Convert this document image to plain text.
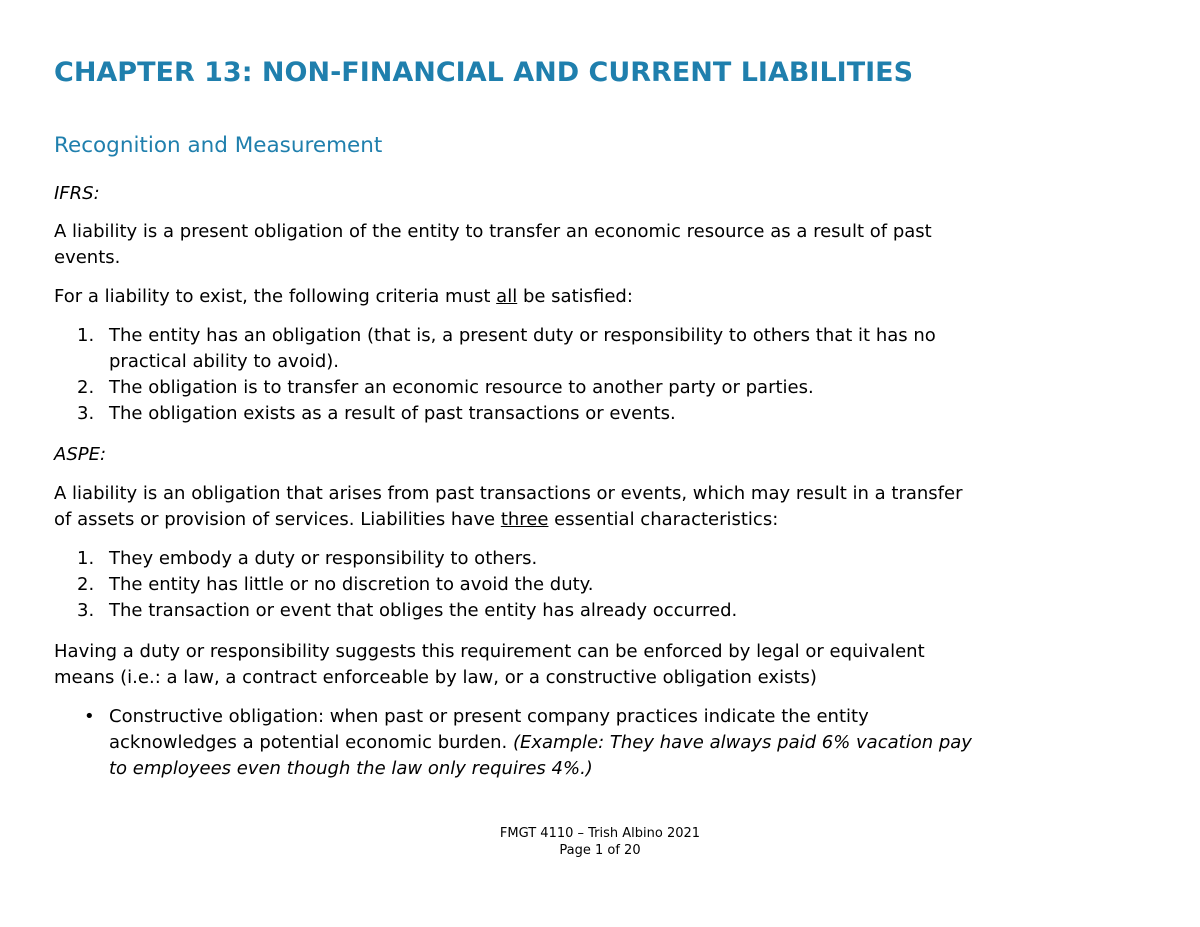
CHAPTER 13: NON-FINANCIAL AND CURRENT LIABILITIES
Recognition and Measurement

IFRS:

A liability is a present obligation of the entity to transfer an economic resource as a result of past
events.

For a liability to exist, the following criteria must all be satisfied:

1. The entity has an obligation (that is, a present duty or responsibility to others that it has no
practical ability to avoid).
2. The obligation is to transfer an economic resource to another party or parties.
3. The obligation exists as a result of past transactions or events.

ASPE:

A liability is an obligation that arises from past transactions or events, which may result in a transfer
of assets or provision of services. Liabilities have three essential characteristics:

1. They embody a duty or responsibility to others.
2. The entity has little or no discretion to avoid the duty.
3. The transaction or event that obliges the entity has already occurred.

Having a duty or responsibility suggests this requirement can be enforced by legal or equivalent
means (i.e.: a law, a contract enforceable by law, or a constructive obligation exists)

• Constructive obligation: when past or present company practices indicate the entity
acknowledges a potential economic burden. (Example: They have always paid 6% vacation pay
to employees even though the law only requires 4%.)
FMGT 4110 – Trish Albino 2021
Page 1 of 20
